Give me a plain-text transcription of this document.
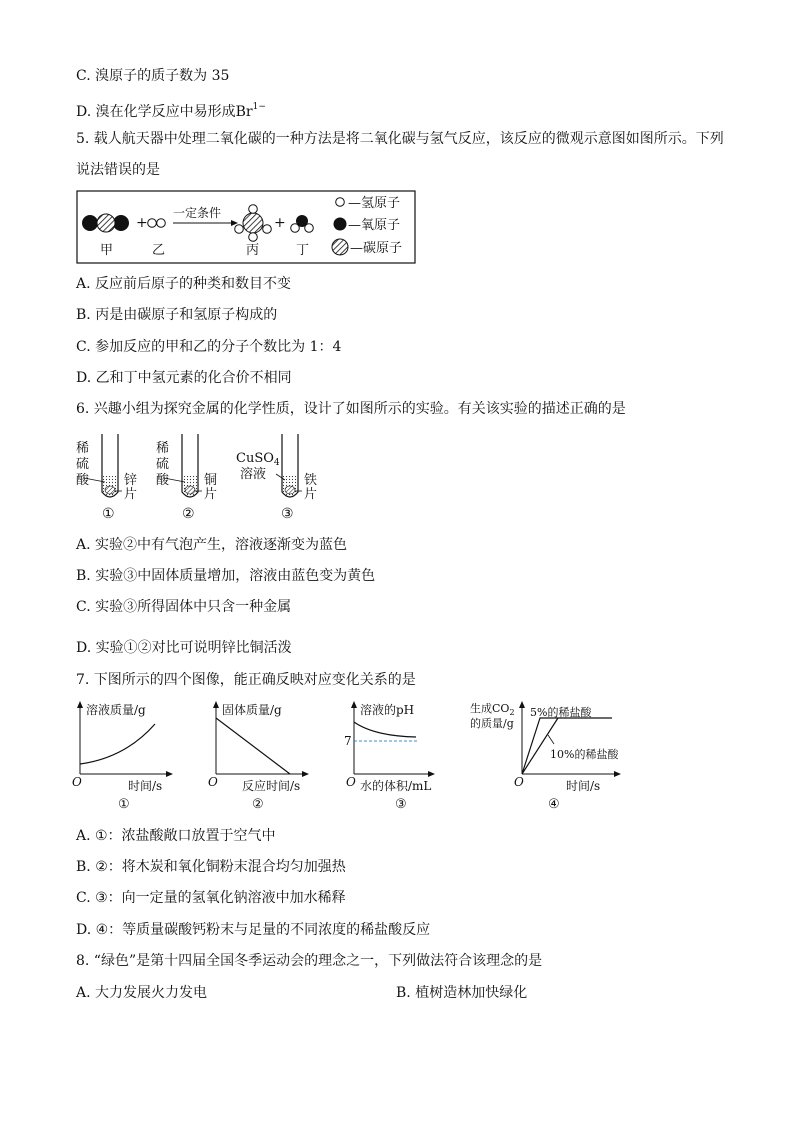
C. 溴原子的质子数为 35
D. 溴在化学反应中易形成$Br^{1-}$
5. 载人航天器中处理二氧化碳的一种方法是将二氧化碳与氢气反应，该反应的微观示意图如图所示。下列
说法错误的是
+
一定条件
+
甲	乙	丙	丁
—氢原子
—氧原子
—碳原子
A. 反应前后原子的种类和数目不变
B. 丙是由碳原子和氢原子构成的
C. 参加反应的甲和乙的分子个数比为 1：4
D. 乙和丁中氢元素的化合价不相同
6. 兴趣小组为探究金属的化学性质，设计了如图所示的实验。有关该实验的描述正确的是
稀
硫
酸	锌
片
①
稀
硫
酸	铜
片
②
CuSO$_4$
溶液	铁
片
③
A. 实验②中有气泡产生，溶液逐渐变为蓝色
B. 实验③中固体质量增加，溶液由蓝色变为黄色
C. 实验③所得固体中只含一种金属
D. 实验①②对比可说明锌比铜活泼
7. 下图所示的四个图像，能正确反映对应变化关系的是
溶液质量/g
时间/s
O
①
固体质量/g
反应时间/s
O
②
溶液的pH
7
水的体积/mL
O
③
生成$CO_2$
的质量/g
5%的稀盐酸
10%的稀盐酸
时间/s
O
④
A. ①：浓盐酸敞口放置于空气中
B. ②：将木炭和氧化铜粉末混合均匀加强热
C. ③：向一定量的氢氧化钠溶液中加水稀释
D. ④：等质量碳酸钙粉末与足量的不同浓度的稀盐酸反应
8. “绿色”是第十四届全国冬季运动会的理念之一，下列做法符合该理念的是
A. 大力发展火力发电	B. 植树造林加快绿化
